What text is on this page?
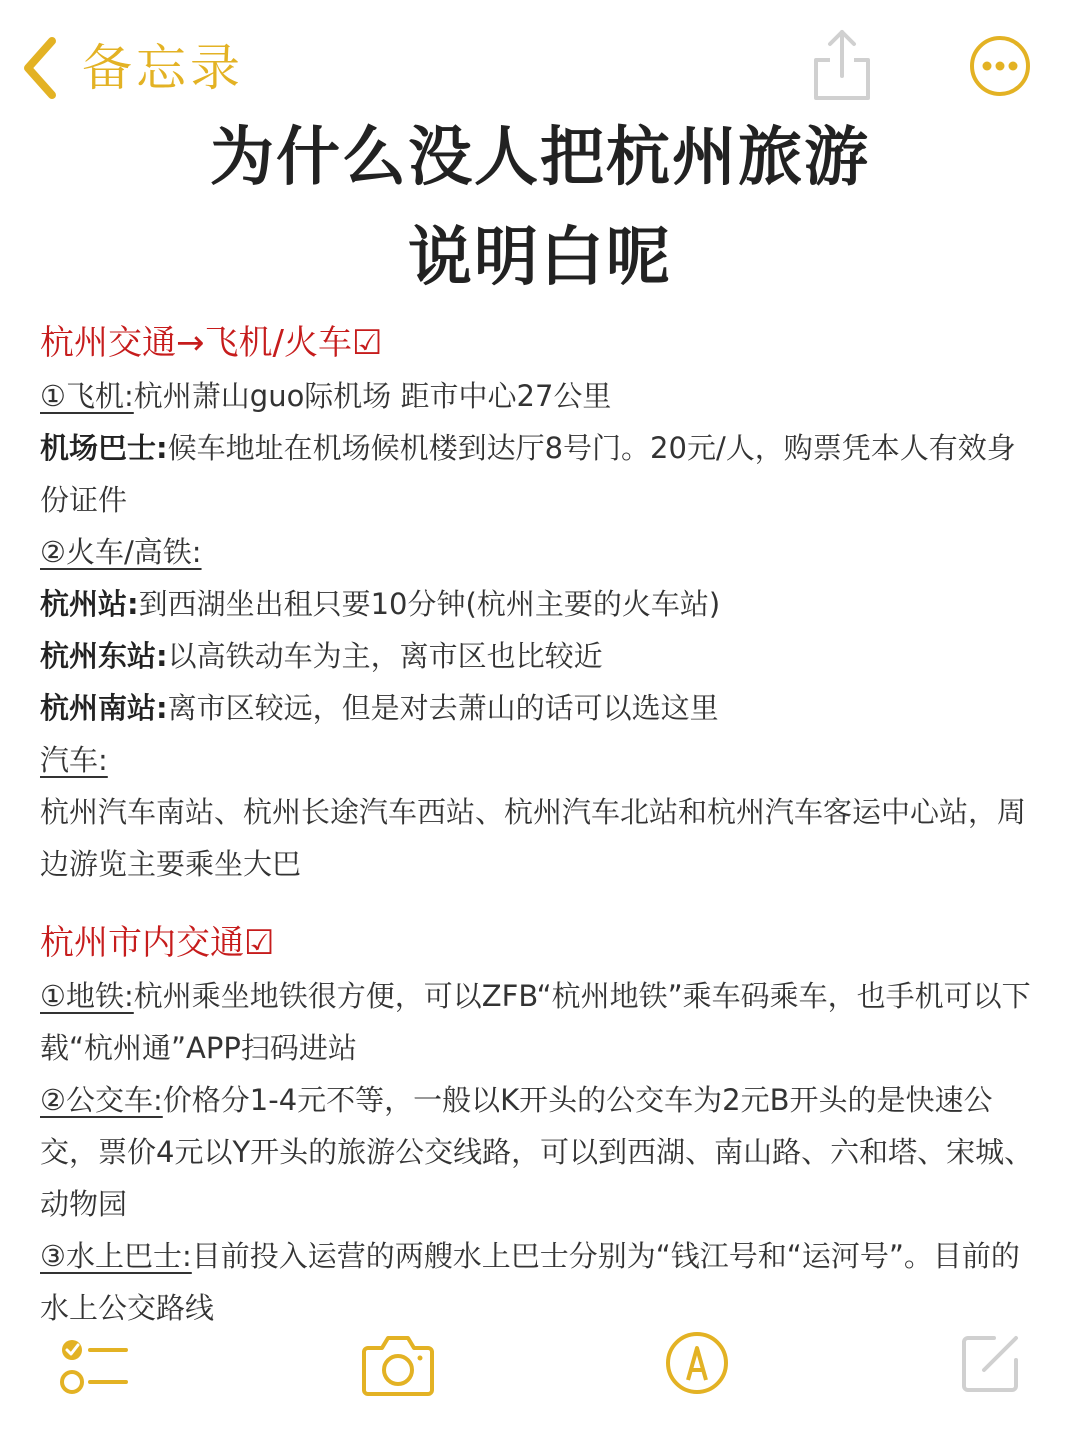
备忘录
为什么没人把杭州旅游
说明白呢
杭州交通→飞机/火车☑
①飞机:杭州萧山guo际机场 距市中心27公里
机场巴士:候车地址在机场候机楼到达厅8号门。20元/人，购票凭本人有效身份证件
②火车/高铁:
杭州站:到西湖坐出租只要10分钟(杭州主要的火车站)
杭州东站:以高铁动车为主，离市区也比较近
杭州南站:离市区较远，但是对去萧山的话可以选这里
汽车:
杭州汽车南站、杭州长途汽车西站、杭州汽车北站和杭州汽车客运中心站，周边游览主要乘坐大巴
杭州市内交通☑
①地铁:杭州乘坐地铁很方便，可以ZFB“杭州地铁”乘车码乘车，也手机可以下载“杭州通”APP扫码进站
②公交车:价格分1-4元不等，一般以K开头的公交车为2元B开头的是快速公交，票价4元以Y开头的旅游公交线路，可以到西湖、南山路、六和塔、宋城、动物园
③水上巴士:目前投入运营的两艘水上巴士分别为“钱江号和“运河号”。目前的水上公交路线
